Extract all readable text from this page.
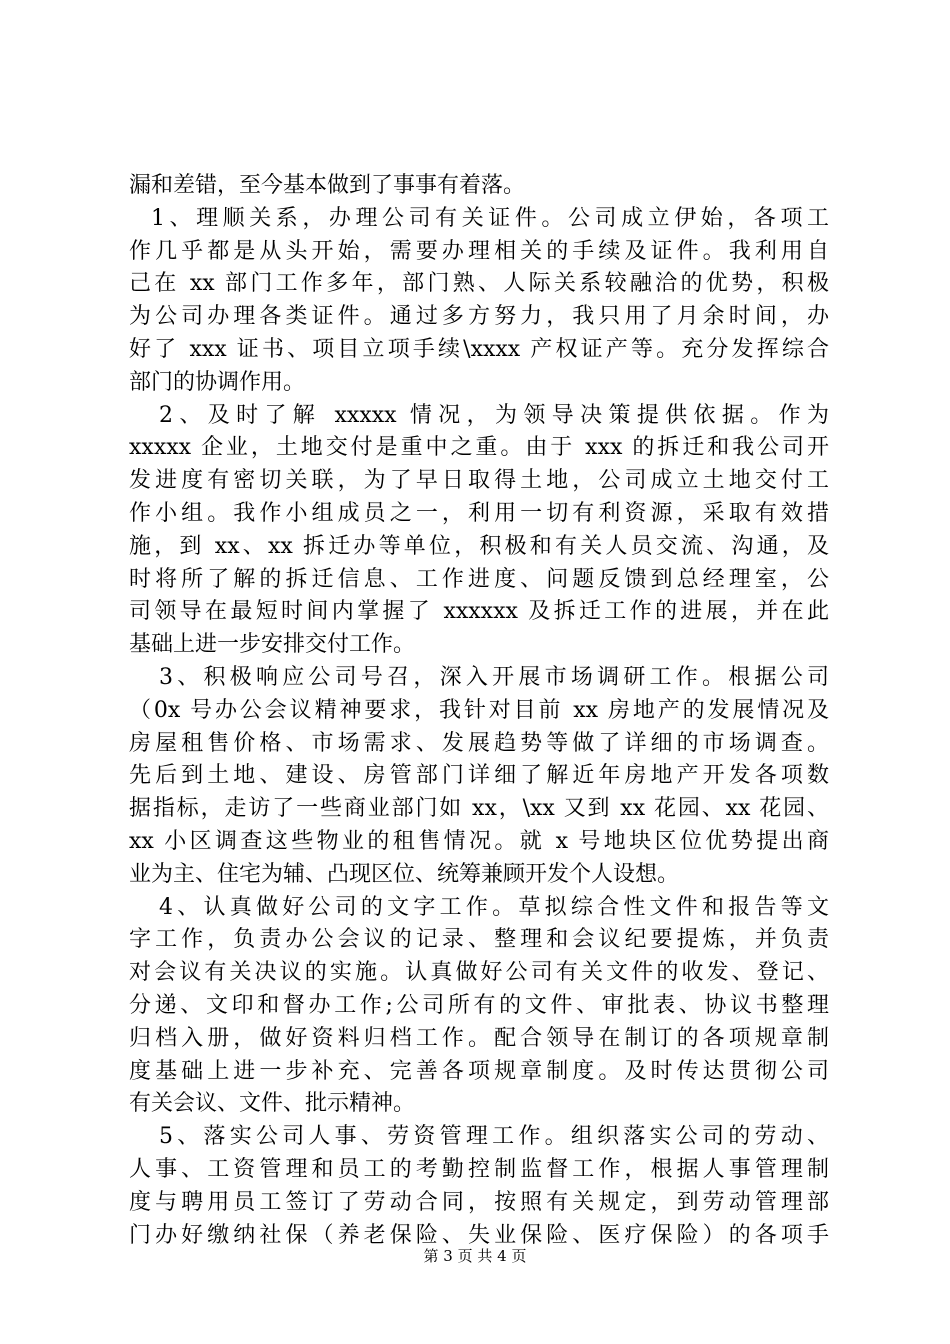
漏和差错，至今基本做到了事事有着落。
1、理顺关系，办理公司有关证件。公司成立伊始，各项工
作几乎都是从头开始，需要办理相关的手续及证件。我利用自
己在 xx 部门工作多年，部门熟、人际关系较融洽的优势，积极
为公司办理各类证件。通过多方努力，我只用了月余时间，办
好了 xxx 证书、项目立项手续\xxxx 产权证产等。充分发挥综合
部门的协调作用。
2、及时了解 xxxxx 情况，为领导决策提供依据。作为
xxxxx 企业，土地交付是重中之重。由于 xxx 的拆迁和我公司开
发进度有密切关联，为了早日取得土地，公司成立土地交付工
作小组。我作小组成员之一，利用一切有利资源，采取有效措
施，到 xx、xx 拆迁办等单位，积极和有关人员交流、沟通，及
时将所了解的拆迁信息、工作进度、问题反馈到总经理室，公
司领导在最短时间内掌握了 xxxxxx 及拆迁工作的进展，并在此
基础上进一步安排交付工作。
3、积极响应公司号召，深入开展市场调研工作。根据公司
（0x 号办公会议精神要求，我针对目前 xx 房地产的发展情况及
房屋租售价格、市场需求、发展趋势等做了详细的市场调查。
先后到土地、建设、房管部门详细了解近年房地产开发各项数
据指标，走访了一些商业部门如 xx，\xx 又到 xx 花园、xx 花园、
xx 小区调查这些物业的租售情况。就 x 号地块区位优势提出商
业为主、住宅为辅、凸现区位、统筹兼顾开发个人设想。
4、认真做好公司的文字工作。草拟综合性文件和报告等文
字工作，负责办公会议的记录、整理和会议纪要提炼，并负责
对会议有关决议的实施。认真做好公司有关文件的收发、登记、
分递、文印和督办工作;公司所有的文件、审批表、协议书整理
归档入册，做好资料归档工作。配合领导在制订的各项规章制
度基础上进一步补充、完善各项规章制度。及时传达贯彻公司
有关会议、文件、批示精神。
5、落实公司人事、劳资管理工作。组织落实公司的劳动、
人事、工资管理和员工的考勤控制监督工作，根据人事管理制
度与聘用员工签订了劳动合同，按照有关规定，到劳动管理部
门办好缴纳社保（养老保险、失业保险、医疗保险）的各项手
第 3 页 共 4 页
